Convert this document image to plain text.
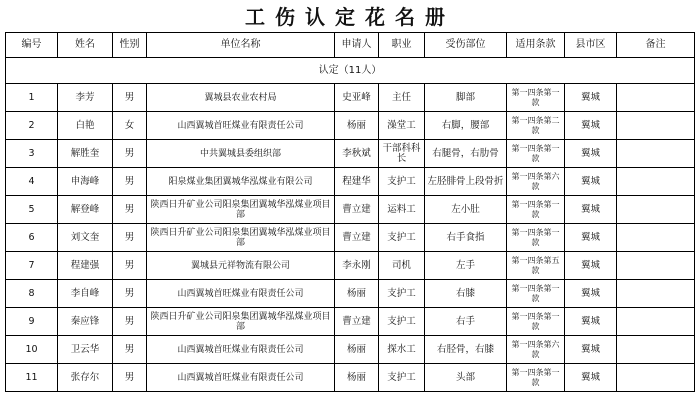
工伤认定花名册
编号	姓名	性别	单位名称	申请人	职业	受伤部位	适用条款	县市区	备注
认定（11人）									
1	李芳	男	翼城县农业农村局	史亚峰	主任	脚部	第一四条第一款	翼城	
2	白艳	女	山西翼城首旺煤业有限责任公司	杨丽	澡堂工	右脚，腰部	第一四条第二款	翼城	
3	解胜奎	男	中共翼城县委组织部	李秋斌	干部科科长	右腿骨，右肋骨	第一四条第一款	翼城	
4	申海峰	男	阳泉煤业集团翼城华泓煤业有限公司	程建华	支护工	左胫腓骨上段骨折	第一四条第六款	翼城	
5	解登峰	男	陕西日升矿业公司阳泉集团翼城华泓煤业项目部	曹立建	运料工	左小肚	第一四条第一款	翼城	
6	刘文奎	男	陕西日升矿业公司阳泉集团翼城华泓煤业项目部	曹立建	支护工	右手食指	第一四条第一款	翼城	
7	程建强	男	翼城县元祥物流有限公司	李永刚	司机	左手	第一四条第五款	翼城	
8	李自峰	男	山西翼城首旺煤业有限责任公司	杨丽	支护工	右膝	第一四条第一款	翼城	
9	秦应锋	男	陕西日升矿业公司阳泉集团翼城华泓煤业项目部	曹立建	支护工	右手	第一四条第一款	翼城	
10	卫云华	男	山西翼城首旺煤业有限责任公司	杨丽	探水工	右胫骨，右膝	第一四条第六款	翼城	
11	张存尔	男	山西翼城首旺煤业有限责任公司	杨丽	支护工	头部	第一四条第一款	翼城	
